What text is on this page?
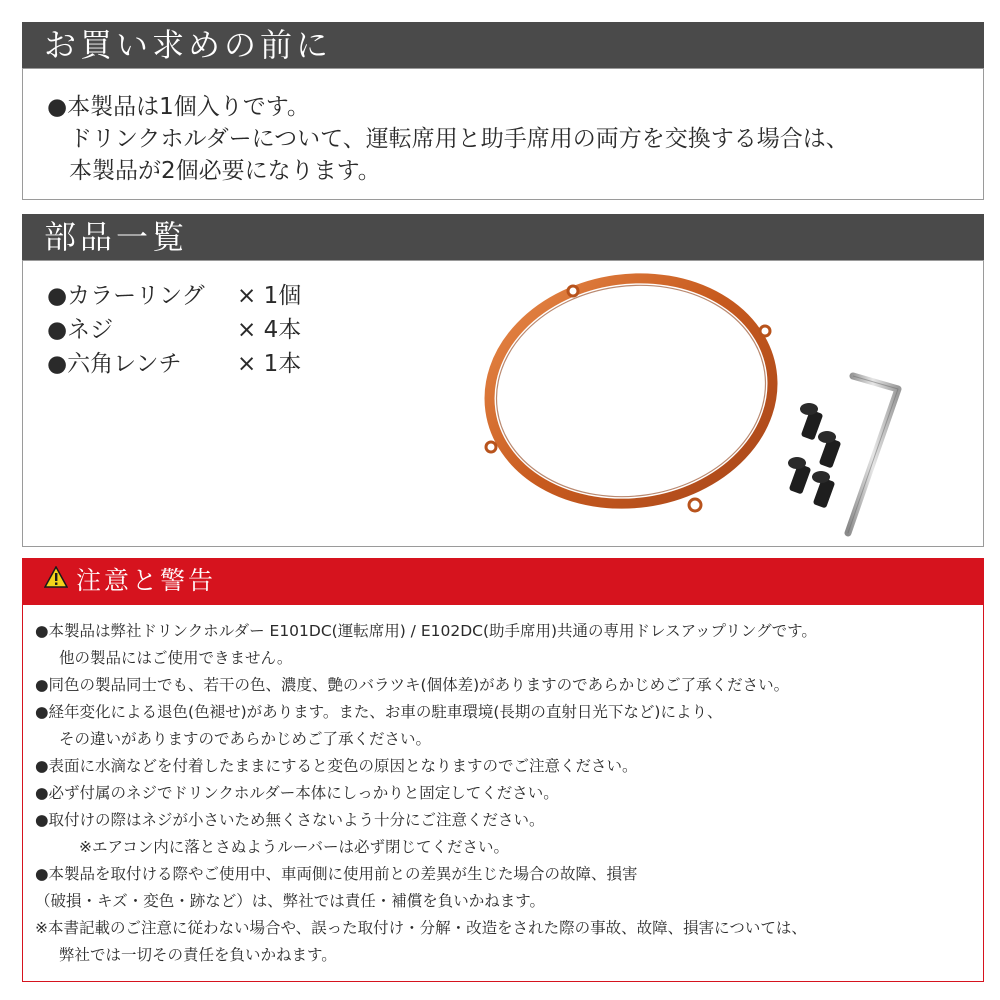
お買い求めの前に
●本製品は1個入りです。
ドリンクホルダーについて、運転席用と助手席用の両方を交換する場合は、
本製品が2個必要になります。
部品一覧
●カラーリング × 1個
●ネジ	× 4本
●六角レンチ × 1本
注意と警告
●本製品は弊社ドリンクホルダー E101DC(運転席用) / E102DC(助手席用)共通の専用ドレスアップリングです。
他の製品にはご使用できません。
●同色の製品同士でも、若干の色、濃度、艶のバラツキ(個体差)がありますのであらかじめご了承ください。
●経年変化による退色(色褪せ)があります。また、お車の駐車環境(長期の直射日光下など)により、
その違いがありますのであらかじめご了承ください。
●表面に水滴などを付着したままにすると変色の原因となりますのでご注意ください。
●必ず付属のネジでドリンクホルダー本体にしっかりと固定してください。
●取付けの際はネジが小さいため無くさないよう十分にご注意ください。
※エアコン内に落とさぬようルーバーは必ず閉じてください。
●本製品を取付ける際やご使用中、車両側に使用前との差異が生じた場合の故障、損害
（破損・キズ・変色・跡など）は、弊社では責任・補償を負いかねます。
※本書記載のご注意に従わない場合や、誤った取付け・分解・改造をされた際の事故、故障、損害については、
弊社では一切その責任を負いかねます。
